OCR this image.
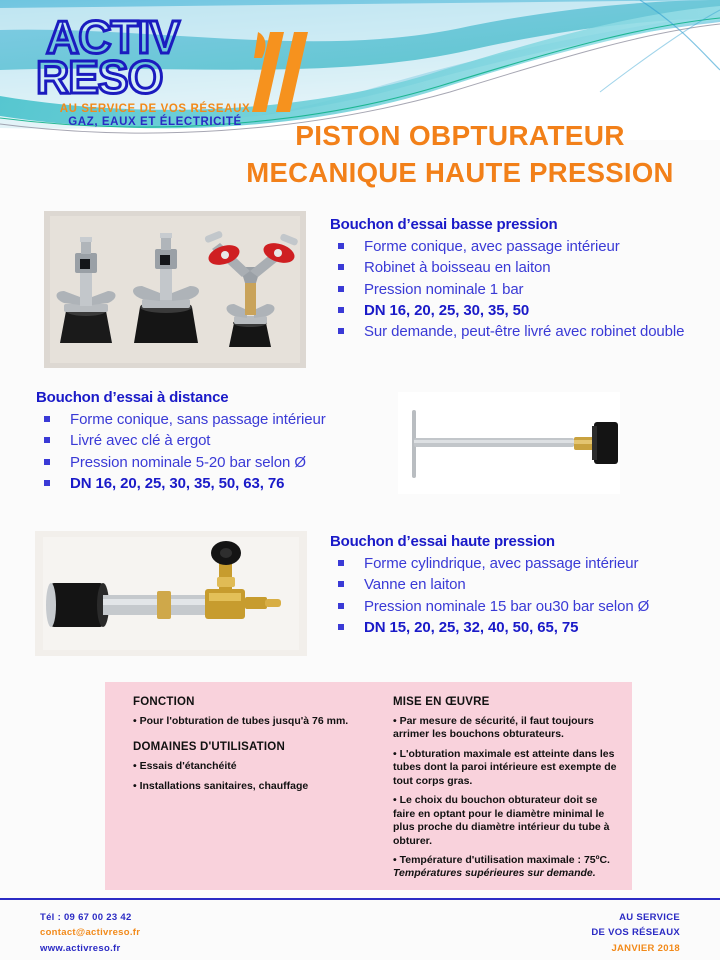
ACTIV
RESO
AU SERVICE DE VOS RÉSEAUX
GAZ, EAUX ET ÉLECTRICITÉ	PISTON OBPTURATEUR
MECANIQUE HAUTE PRESSION
Bouchon d’essai basse pression
Forme conique, avec passage intérieur
Robinet à boisseau en laiton
Pression nominale 1 bar
DN 16, 20, 25, 30, 35, 50
Sur demande, peut-être livré avec robinet double
Bouchon d’essai à distance
Forme conique, sans passage intérieur
Livré avec clé à ergot
Pression nominale 5-20 bar selon Ø
DN 16, 20, 25, 30, 35, 50, 63, 76
Bouchon d’essai haute pression
Forme cylindrique, avec passage intérieur
Vanne en laiton
Pression nominale 15 bar ou30 bar selon Ø
DN 15, 20, 25, 32, 40, 50, 65, 75
FONCTION
• Pour l'obturation de tubes jusqu'à 76 mm.
DOMAINES D'UTILISATION
• Essais d'étanchéité
• Installations sanitaires, chauffage
MISE EN ŒUVRE
• Par mesure de sécurité, il faut toujours arrimer les bouchons obturateurs.
• L'obturation maximale est atteinte dans les tubes dont la paroi intérieure est exempte de tout corps gras.
• Le choix du bouchon obturateur doit se faire en optant pour le diamètre minimal le plus proche du diamètre intérieur du tube à obturer.
• Température d'utilisation maximale : 75ºC. Températures supérieures sur demande.
Tél : 09 67 00 23 42
contact@activreso.fr
www.activreso.fr
AU SERVICE
DE VOS RÉSEAUX
JANVIER 2018
